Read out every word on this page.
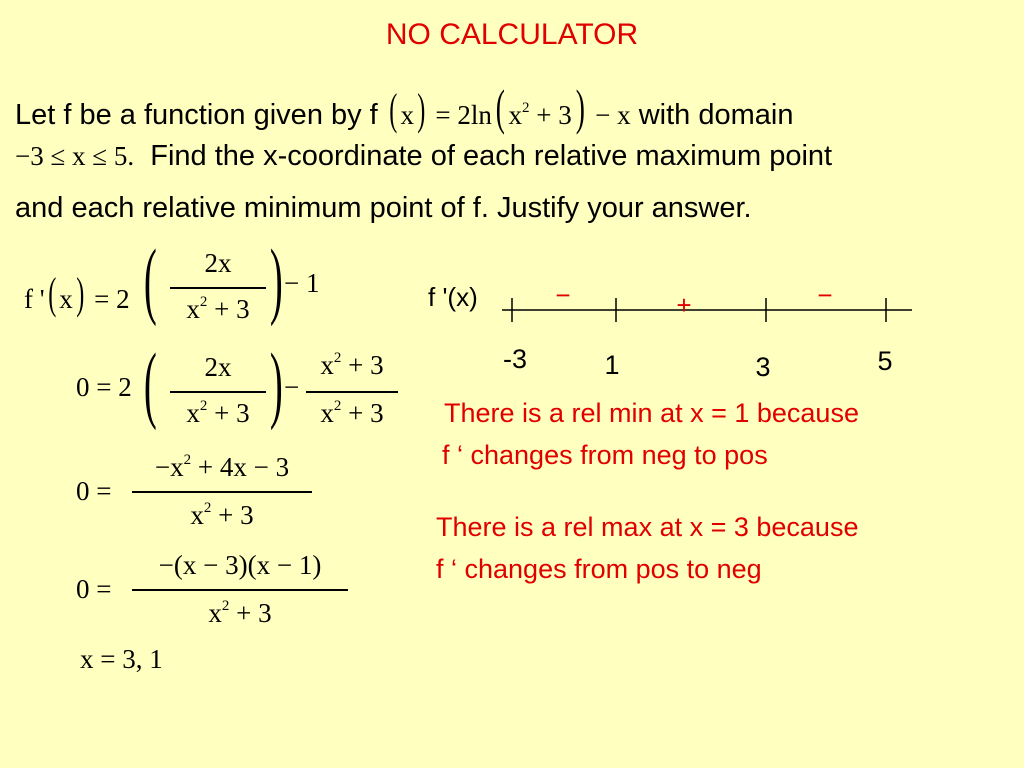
NO CALCULATOR
Let f be a function given by f ( x) = 2ln( $x^2 + 3) - x$ with domain
−3 ≤ x ≤ 5. Find the x-coordinate of each relative maximum point
and each relative minimum point of f. Justify your answer.
f '( x) = 2 (	2x
$x^2 + 3$ ) − 1
0 = 2 (	2x
$x^2 + 3$ ) −
$x^2 + 3$
$x^2 + 3$
0 =
$-x^2 + 4x - 3$
$x^2 + 3$
0 =
−(x − 3)(x − 1)
$x^2 + 3$
x = 3, 1
f '(x)	−	+	−
-3	1	3	5
There is a rel min at x = 1 because
f ‘ changes from neg to pos
There is a rel max at x = 3 because
f ‘ changes from pos to neg
